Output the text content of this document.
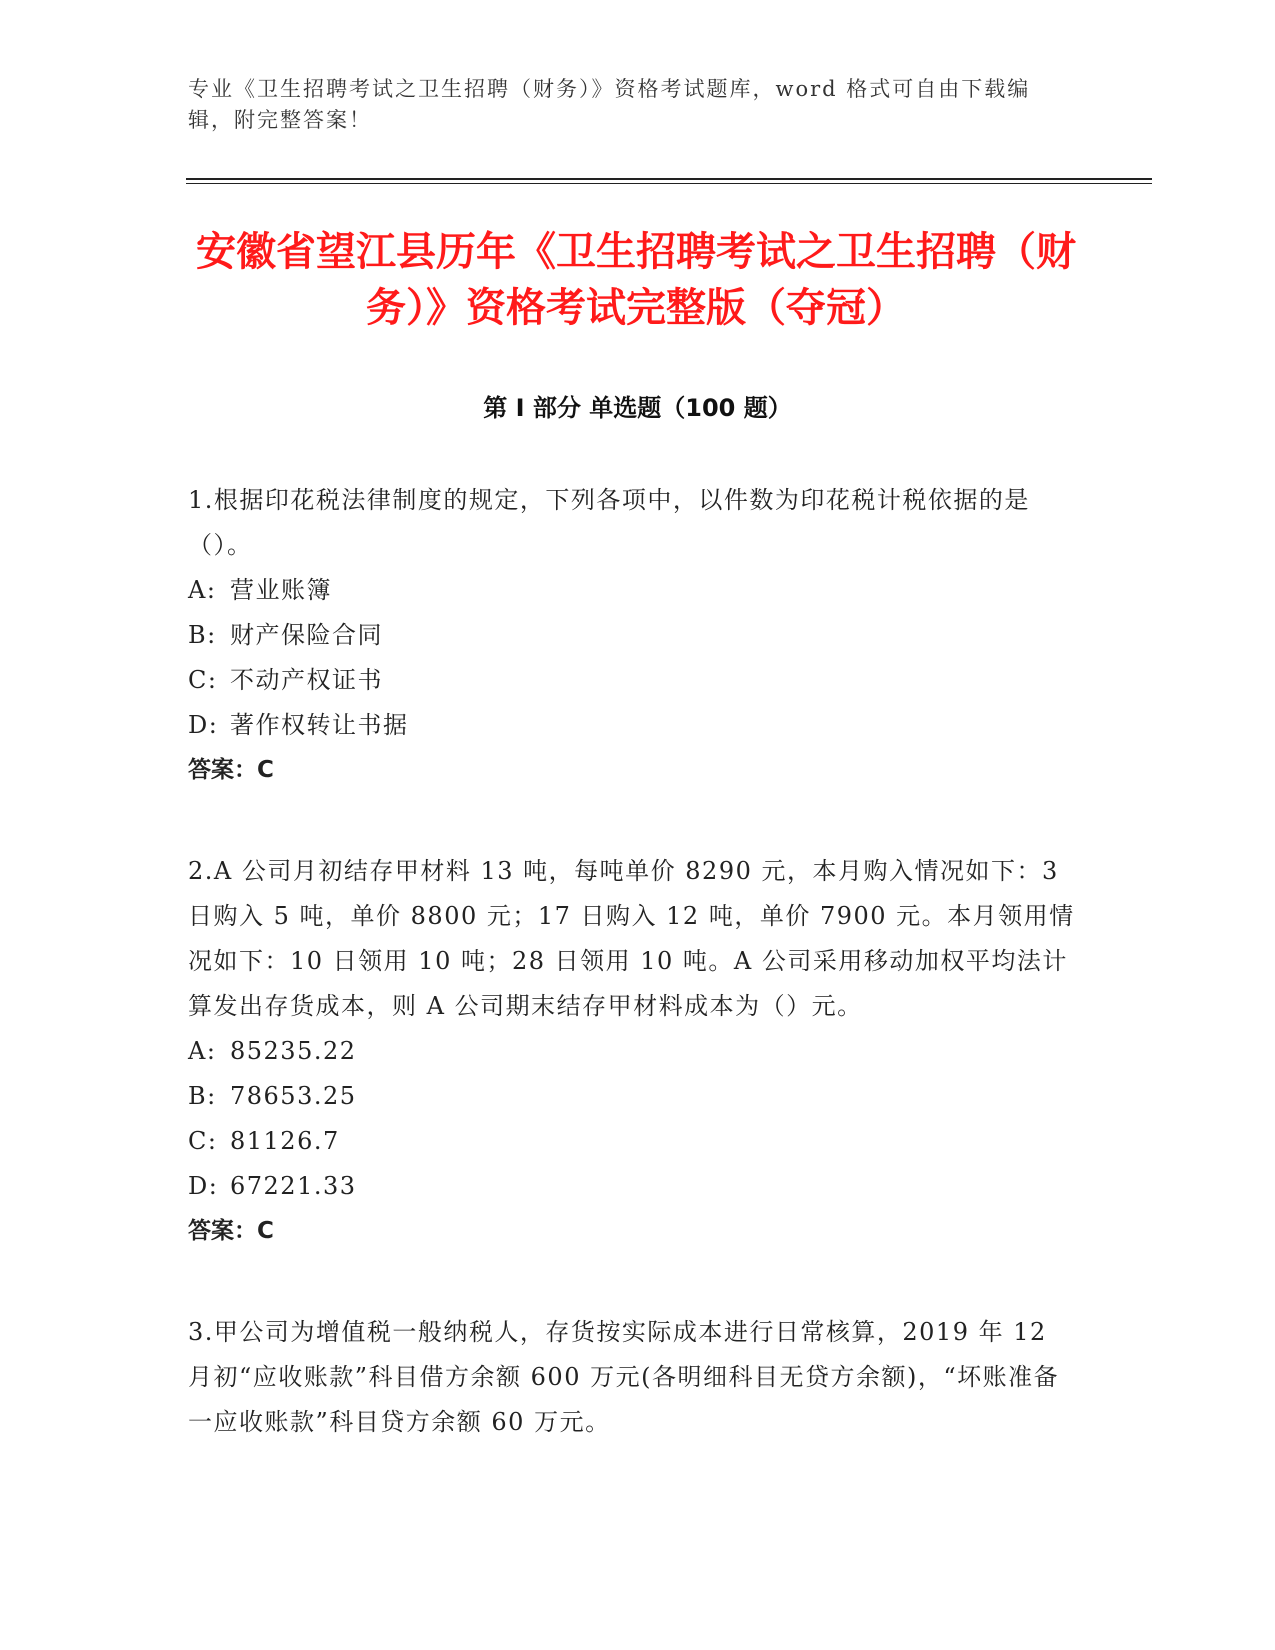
专业《卫生招聘考试之卫生招聘（财务）》资格考试题库，word 格式可自由下载编辑，附完整答案！
安徽省望江县历年《卫生招聘考试之卫生招聘（财务）》资格考试完整版（夺冠）
第 I 部分 单选题（100 题）

1.根据印花税法律制度的规定，下列各项中，以件数为印花税计税依据的是（）。

A: 营业账簿

B: 财产保险合同

C: 不动产权证书

D: 著作权转让书据

答案：C

2.A 公司月初结存甲材料 13 吨，每吨单价 8290 元，本月购入情况如下：3 日购入 5 吨，单价 8800 元；17 日购入 12 吨，单价 7900 元。本月领用情况如下：10 日领用 10 吨；28 日领用 10 吨。A 公司采用移动加权平均法计算发出存货成本，则 A 公司期末结存甲材料成本为（）元。

A: 85235.22

B: 78653.25

C: 81126.7

D: 67221.33

答案：C

3.甲公司为增值税一般纳税人，存货按实际成本进行日常核算，2019 年 12 月初“应收账款”科目借方余额 600 万元(各明细科目无贷方余额)，“坏账准备一应收账款”科目贷方余额 60 万元。
